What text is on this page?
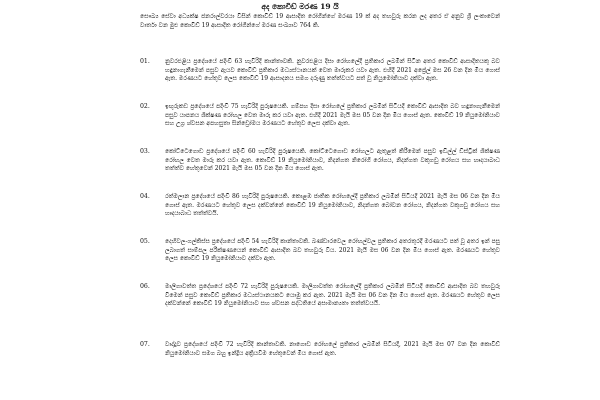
අද කොවිඩ් මරණ 19 යි
සෞඛ්‍ය සේවා අධ්‍යක්ෂ ජනරාල්වරයා විසින් කොවිඩ් 19 ආසාදිත රෝගීන්ගේ මරණ 19 ක් අද තහවුරු කරන ලද අතර ඒ අනුව ශ්‍රී ලංකාවෙන් වාර්තා වන මුළු කොවිඩ් 19 ආසාදිත රෝගීන්ගේ මරණ සංඛ්‍යාව 764 කි.
01.	නුවරඑළිය ප්‍රදේශයේ පදිංචි 63 හැවිරිදි කාන්තාවකි. නුවරඑළිය දිසා රෝහලේදී ප්‍රතිකාර ලබමින් සිටින අතර කොවිඩ් ආසාදිතයකු බව හඳුනාගැනීමෙන් පසුව ඇයව කොවිඩ් ප්‍රතිකාර මධ්‍යස්ථානයක් වෙත මාරුකර යවා ඇත. එහිදී 2021 අප්‍රේල් මස 26 වන දින මිය ගොස් ඇත. මරණයට හේතුව ලෙස කොවිඩ් 19 ආසාදනය සමග දරුණු තත්ත්වයට පත් වූ නියුමෝනියාව දක්වා ඇත.
02.	ඉඟුරුකඩ ප්‍රදේශයේ පදිංචි 75 හැවිරිදි පුරුෂයෙකි. ගම්පහ දිසා රෝහලේ ප්‍රතිකාර ලබමින් සිටියදී කොවිඩ් ආසාදිත බව හඳුනාගැනීමෙන් පසුව යාපනය ශික්ෂණ රෝහල වෙත මාරු කර යවා ඇත. එහිදී 2021 මැයි මස 05 වන දින මිය ගොස් ඇත. කොවිඩ් 19 නියුමෝනියාව සහ උග්‍ර ශ්වසන අපහසුතා සින්ඩ්‍රෝමය මරණයට හේතුව ලෙස දක්වා ඇත.
03.	කෝට්ටෙගොඩ ප්‍රදේශයේ පදිංචි 60 හැවිරිදි පුරුෂයෙකි. කෝට්ටෙගොඩ රෝහලට ඇතුළත් කිරීමෙන් පසුව ඉඩිල්ල් ඩිස්ට්‍රික් ශික්ෂණ රෝහල වෙත මාරු කර යවා ඇත. කොවිඩ් 19 නියුමෝනියාව, නිදන්ගත නිරෝගී රෝගය, නිදන්ගත වකුගඩු රෝගය සහ හෘදයාබාධ තත්ත්ව හේතුවෙන් 2021 මැයි මස 05 වන දින මිය ගොස් ඇත.
04.	රත්මලාන ප්‍රදේශයේ පදිංචි 86 හැවිරිදි පුරුෂයෙකි. කොළඹ ජාතික රෝහලේදී ප්‍රතිකාර ලබමින් සිටියදී 2021 මැයි මස 06 වන දින මිය ගොස් ඇත. මරණයට හේතුව ලෙස දක්වන්නේ කොවිඩ් 19 නියුමෝනියාව, නිදන්ගත බෝවන රෝගය, නිදන්ගත වකුගඩු රෝගය සහ හෘදයාබාධ තත්ත්වයි.
05.	දෙහිවල-ගල්කිස්ස ප්‍රදේශයේ පදිංචි 54 හැවිරිදි කාන්තාවකි. බණ්ඩාරවෙල රෝහල්වල ප්‍රතිකාර අතරතුරදී මරණයට පත් වූ අතර ඉන් පසු ලබාගත් සාම්පල පරීක්ෂණයෙන් කොවිඩ් ආසාදිත බව තහවුරු විය. 2021 මැයි මස 06 වන දින මිය ගොස් ඇත. මරණයට හේතුව ලෙස කොවිඩ් 19 නියුමෝනියාව දක්වා ඇත.
06.	මාලිගාවත්ත ප්‍රදේශයේ පදිංචි 72 හැවිරිදි පුරුෂයෙකි. මාලිගාවත්ත රෝහලේදී ප්‍රතිකාර ලබමින් සිටියදී කොවිඩ් ආසාදිත බව තහවුරු වීමෙන් පසුව කොවිඩ් ප්‍රතිකාර මධ්‍යස්ථානයකට යොමු කර ඇත. 2021 මැයි මස 06 වන දින මිය ගොස් ඇත. මරණයට හේතුව ලෙස දක්වන්නේ කොවිඩ් 19 නියුමෝනියාව සහ ශ්වසන පද්ධතියේ අසාමාන්‍යතා තත්ත්වයයි.
07.	වාද්දුව ප්‍රදේශයේ පදිංචි 72 හැවිරිදි කාන්තාවකි. නාගොඩ රෝහලේ ප්‍රතිකාර ලබමින් සිටියදී, 2021 මැයි මස 07 වන දින කොවිඩ් නියුමෝනියාව සමග බහු ඉන්ද්‍රිය අක්‍රියවීම හේතුවෙන් මිය ගොස් ඇත.
